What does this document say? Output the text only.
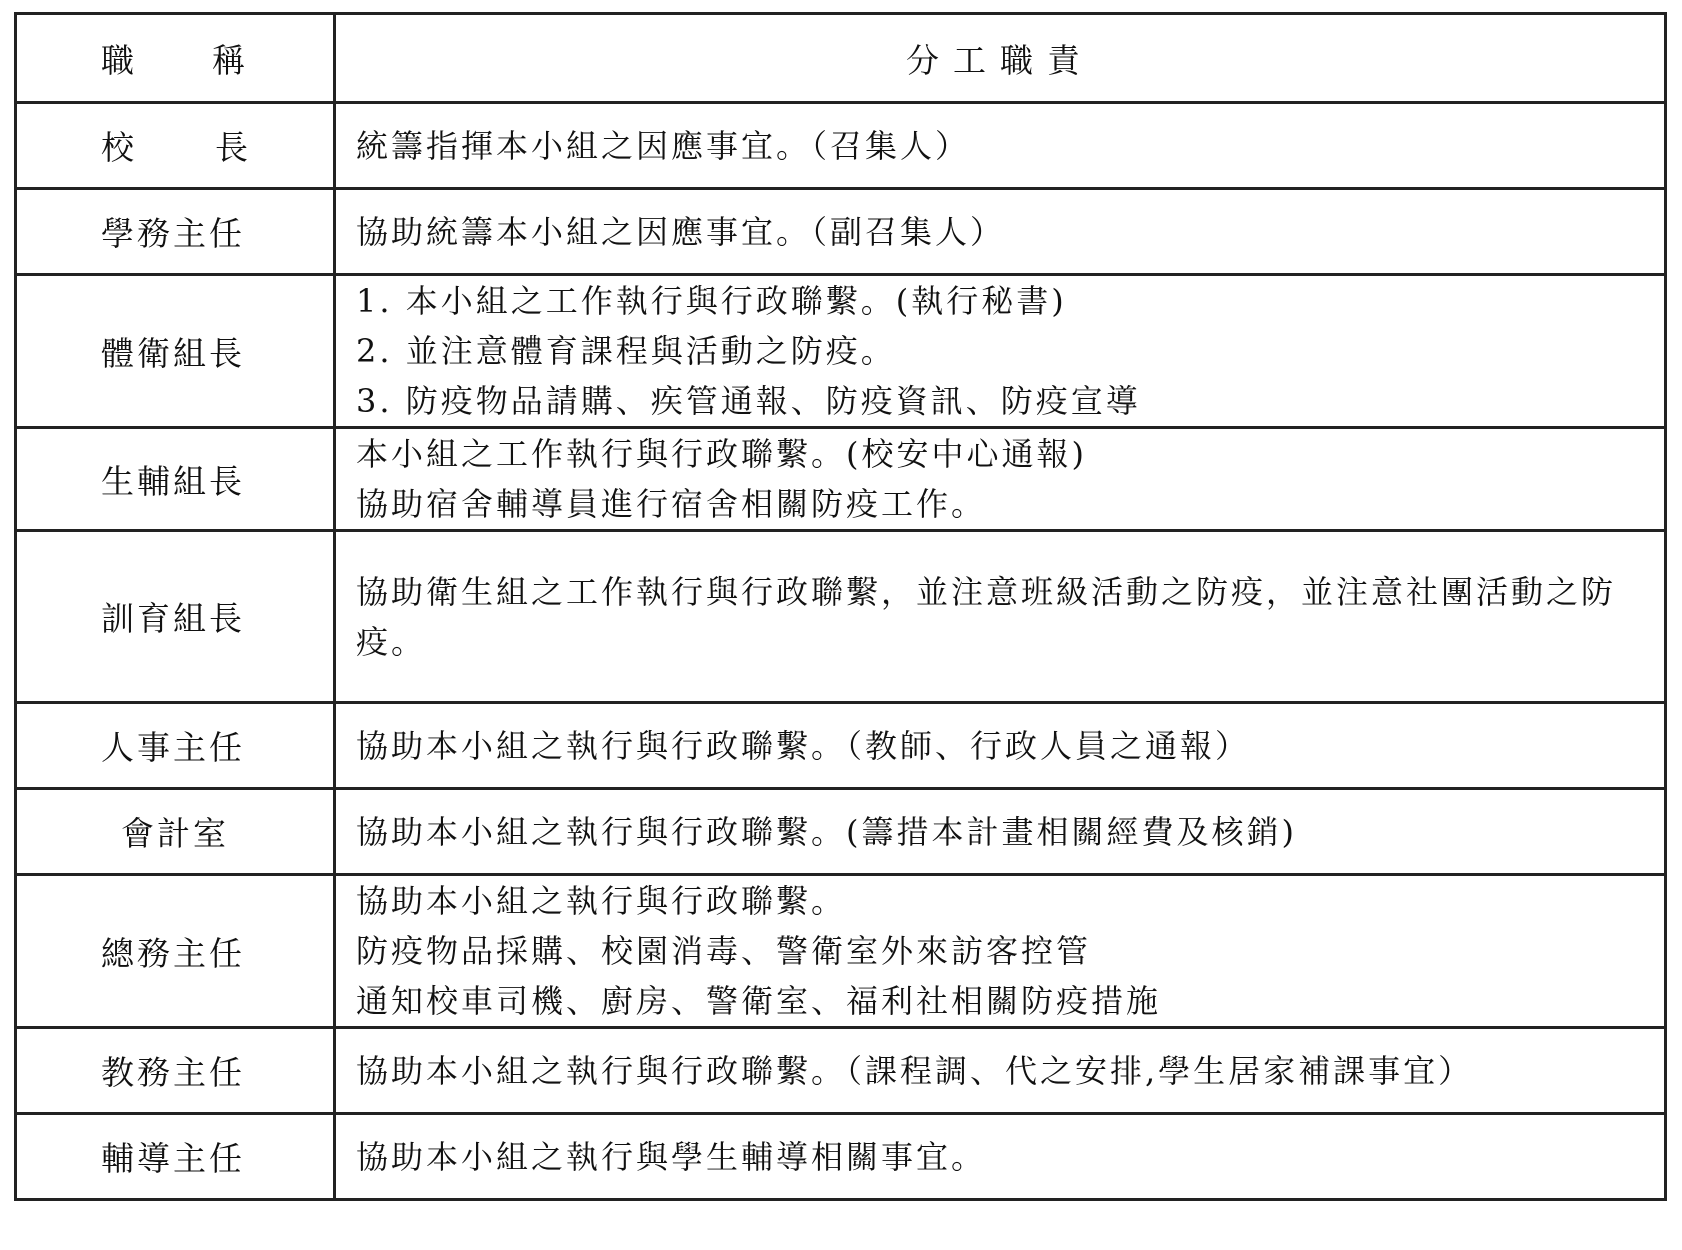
職 稱	分工職責
校 長	統籌指揮本小組之因應事宜。（召集人）

學務主任	協助統籌本小組之因應事宜。（副召集人）

體衛組長	1. 本小組之工作執行與行政聯繫。(執行秘書)
2. 並注意體育課程與活動之防疫。
3. 防疫物品請購、疾管通報、防疫資訊、防疫宣導

生輔組長	本小組之工作執行與行政聯繫。(校安中心通報)
協助宿舍輔導員進行宿舍相關防疫工作。

訓育組長	協助衛生組之工作執行與行政聯繫，並注意班級活動之防疫，並注意社團活動之防疫。

人事主任	協助本小組之執行與行政聯繫。（教師、行政人員之通報）

會計室	協助本小組之執行與行政聯繫。(籌措本計畫相關經費及核銷)

總務主任	協助本小組之執行與行政聯繫。
防疫物品採購、校園消毒、警衛室外來訪客控管
通知校車司機、廚房、警衛室、福利社相關防疫措施

教務主任	協助本小組之執行與行政聯繫。（課程調、代之安排,學生居家補課事宜）

輔導主任	協助本小組之執行與學生輔導相關事宜。
